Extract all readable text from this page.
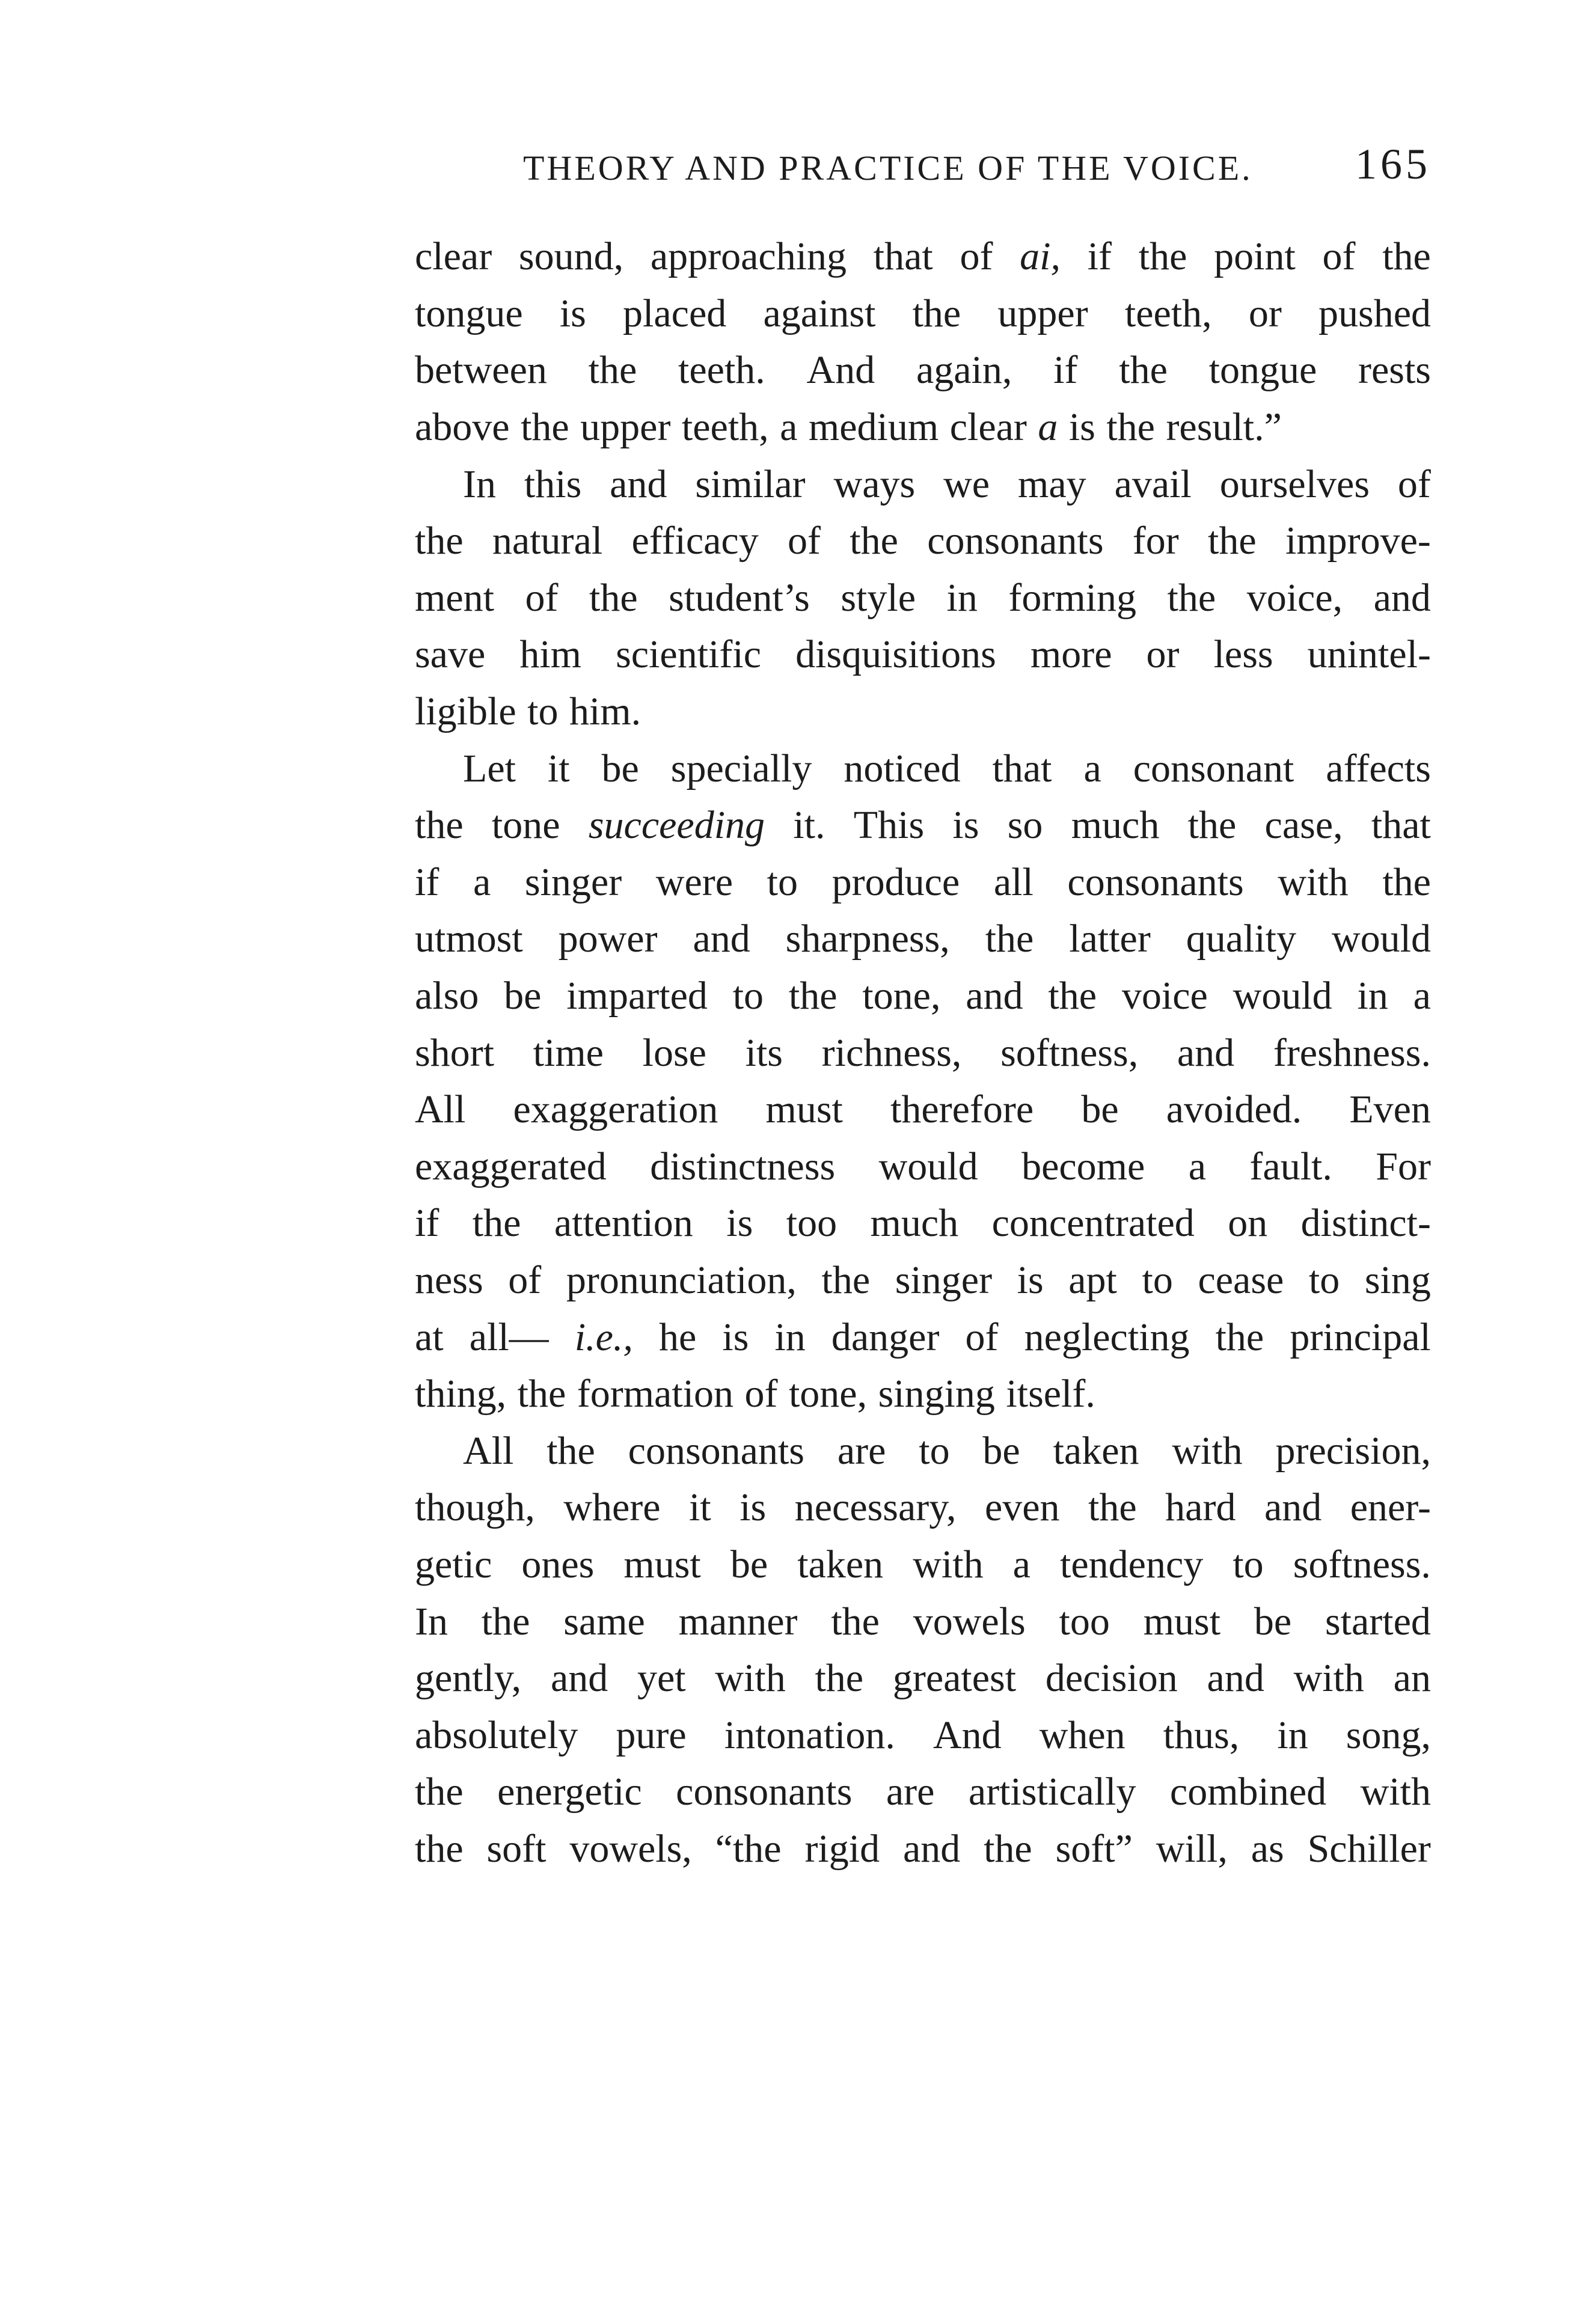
THEORY AND PRACTICE OF THE VOICE. 165
clear sound, approaching that of ai, if the point of the
tongue is placed against the upper teeth, or pushed
between the teeth. And again, if the tongue rests
above the upper teeth, a medium clear a is the result.”
In this and similar ways we may avail ourselves of
the natural efficacy of the consonants for the improve-
ment of the student’s style in forming the voice, and
save him scientific disquisitions more or less unintel-
ligible to him.
Let it be specially noticed that a consonant affects
the tone succeeding it. This is so much the case, that
if a singer were to produce all consonants with the
utmost power and sharpness, the latter quality would
also be imparted to the tone, and the voice would in a
short time lose its richness, softness, and freshness.
All exaggeration must therefore be avoided. Even
exaggerated distinctness would become a fault. For
if the attention is too much concentrated on distinct-
ness of pronunciation, the singer is apt to cease to sing
at all— i.e., he is in danger of neglecting the principal
thing, the formation of tone, singing itself.
All the consonants are to be taken with precision,
though, where it is necessary, even the hard and ener-
getic ones must be taken with a tendency to softness.
In the same manner the vowels too must be started
gently, and yet with the greatest decision and with an
absolutely pure intonation. And when thus, in song,
the energetic consonants are artistically combined with
the soft vowels, “the rigid and the soft” will, as Schiller
